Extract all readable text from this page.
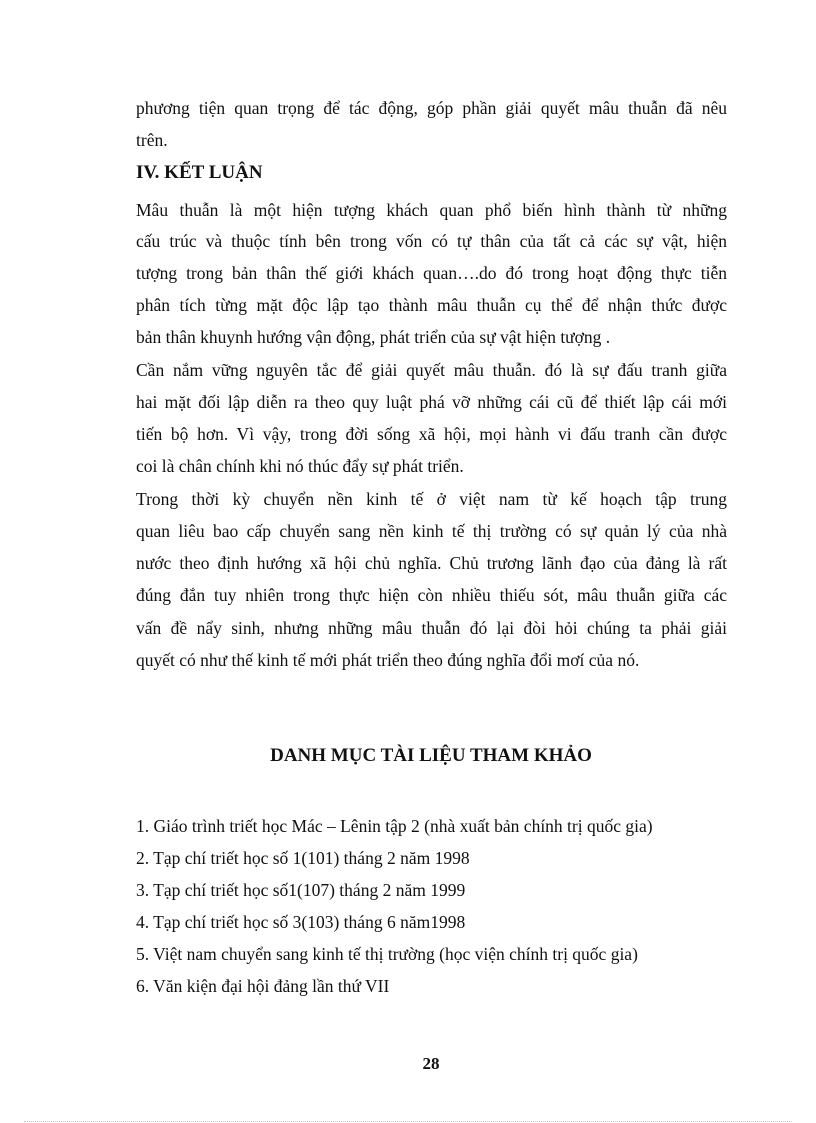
phương tiện quan trọng để tác động, góp phần giải quyết mâu thuẫn đã nêu
trên.
IV. KẾT LUẬN
Mâu thuẫn là một hiện tượng khách quan phổ biến hình thành từ những
cấu trúc và thuộc tính bên trong vốn có tự thân của tất cả các sự vật, hiện
tượng trong bản thân thế giới khách quan….do đó trong hoạt động thực tiễn
phân tích từng mặt độc lập tạo thành mâu thuẫn cụ thể để nhận thức được
bản thân khuynh hướng vận động, phát triển của sự vật hiện tượng .
Cần nắm vững nguyên tắc để giải quyết mâu thuẫn. đó là sự đấu tranh giữa
hai mặt đối lập diễn ra theo quy luật phá vỡ những cái cũ để thiết lập cái mới
tiến bộ hơn. Vì vậy, trong đời sống xã hội, mọi hành vi đấu tranh cần được
coi là chân chính khi nó thúc đẩy sự phát triển.
Trong thời kỳ chuyển nền kinh tế ở việt nam từ kế hoạch tập trung
quan liêu bao cấp chuyển sang nền kinh tế thị trường có sự quản lý của nhà
nước theo định hướng xã hội chủ nghĩa. Chủ trương lãnh đạo của đảng là rất
đúng đắn tuy nhiên trong thực hiện còn nhiều thiếu sót, mâu thuẫn giữa các
vấn đề nẩy sinh, nhưng những mâu thuẫn đó lại đòi hỏi chúng ta phải giải
quyết có như thế kinh tế mới phát triển theo đúng nghĩa đổi mơí của nó.
DANH MỤC TÀI LIỆU THAM KHẢO
1. Giáo trình triết học Mác – Lênin tập 2 (nhà xuất bản chính trị quốc gia)
2. Tạp chí triết học số 1(101) tháng 2 năm 1998
3. Tạp chí triết học số1(107) tháng 2 năm 1999
4. Tạp chí triết học số 3(103) tháng 6 năm1998
5. Việt nam chuyển sang kinh tế thị trường (học viện chính trị quốc gia)
6. Văn kiện đại hội đảng lần thứ VII
28
